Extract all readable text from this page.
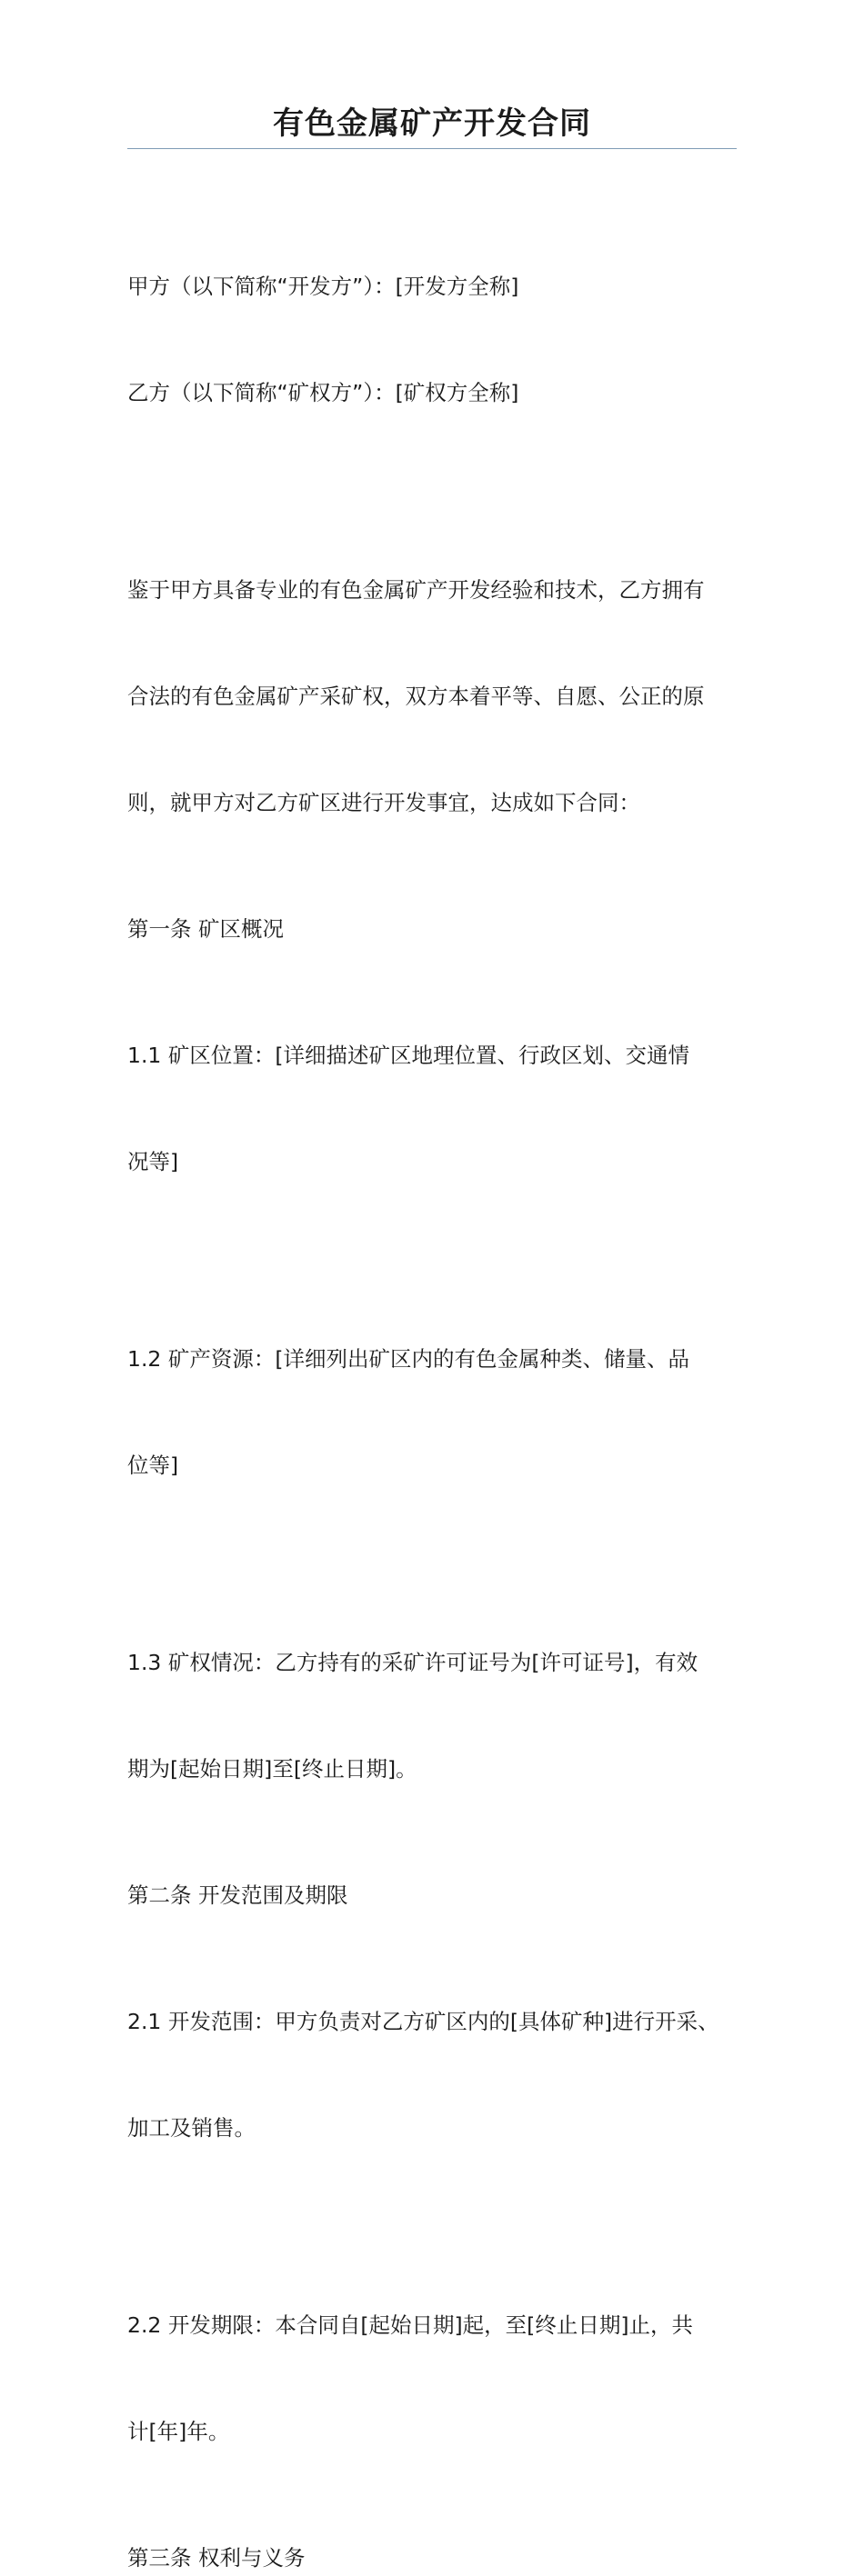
有色金属矿产开发合同

甲方（以下简称“开发方”）：[开发方全称]

乙方（以下简称“矿权方”）：[矿权方全称]

鉴于甲方具备专业的有色金属矿产开发经验和技术，乙方拥有

合法的有色金属矿产采矿权，双方本着平等、自愿、公正的原

则，就甲方对乙方矿区进行开发事宜，达成如下合同：

第一条 矿区概况

1.1 矿区位置：[详细描述矿区地理位置、行政区划、交通情

况等]

1.2 矿产资源：[详细列出矿区内的有色金属种类、储量、品

位等]

1.3 矿权情况：乙方持有的采矿许可证号为[许可证号]，有效

期为[起始日期]至[终止日期]。

第二条 开发范围及期限

2.1 开发范围：甲方负责对乙方矿区内的[具体矿种]进行开采、

加工及销售。

2.2 开发期限：本合同自[起始日期]起，至[终止日期]止，共

计[年]年。

第三条 权利与义务
